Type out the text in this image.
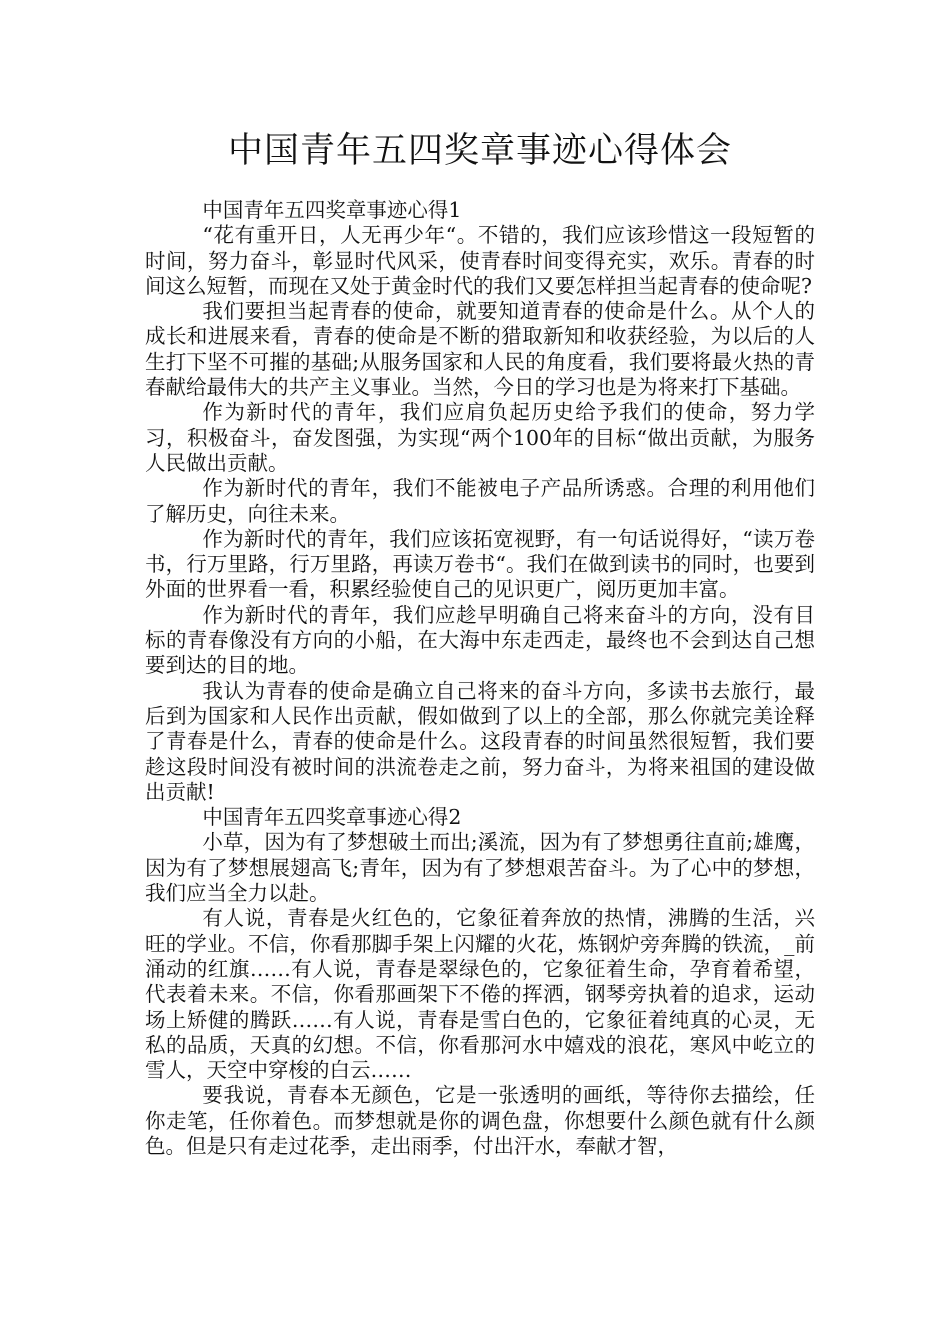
中国青年五四奖章事迹心得体会

中国青年五四奖章事迹心得1

“花有重开日，人无再少年“。不错的，我们应该珍惜这一段短暂的时间，努力奋斗，彰显时代风采，使青春时间变得充实，欢乐。青春的时间这么短暂，而现在又处于黄金时代的我们又要怎样担当起青春的使命呢?

我们要担当起青春的使命，就要知道青春的使命是什么。从个人的成长和进展来看，青春的使命是不断的猎取新知和收获经验，为以后的人生打下坚不可摧的基础;从服务国家和人民的角度看，我们要将最火热的青春献给最伟大的共产主义事业。当然，今日的学习也是为将来打下基础。

作为新时代的青年，我们应肩负起历史给予我们的使命，努力学习，积极奋斗，奋发图强，为实现“两个100年的目标“做出贡献，为服务人民做出贡献。

作为新时代的青年，我们不能被电子产品所诱惑。合理的利用他们了解历史，向往未来。

作为新时代的青年，我们应该拓宽视野，有一句话说得好，“读万卷书，行万里路，行万里路，再读万卷书“。我们在做到读书的同时，也要到外面的世界看一看，积累经验使自己的见识更广，阅历更加丰富。

作为新时代的青年，我们应趁早明确自己将来奋斗的方向，没有目标的青春像没有方向的小船，在大海中东走西走，最终也不会到达自己想要到达的目的地。

我认为青春的使命是确立自己将来的奋斗方向，多读书去旅行，最后到为国家和人民作出贡献，假如做到了以上的全部，那么你就完美诠释了青春是什么，青春的使命是什么。这段青春的时间虽然很短暂，我们要趁这段时间没有被时间的洪流卷走之前，努力奋斗，为将来祖国的建设做出贡献!

中国青年五四奖章事迹心得2

小草，因为有了梦想破土而出;溪流，因为有了梦想勇往直前;雄鹰，因为有了梦想展翅高飞;青年，因为有了梦想艰苦奋斗。为了心中的梦想，我们应当全力以赴。

有人说，青春是火红色的，它象征着奔放的热情，沸腾的生活，兴旺的学业。不信，你看那脚手架上闪耀的火花，炼钢炉旁奔腾的铁流，_前涌动的红旗……有人说，青春是翠绿色的，它象征着生命，孕育着希望，代表着未来。不信，你看那画架下不倦的挥洒，钢琴旁执着的追求，运动场上矫健的腾跃……有人说，青春是雪白色的，它象征着纯真的心灵，无私的品质，天真的幻想。不信，你看那河水中嬉戏的浪花，寒风中屹立的雪人，天空中穿梭的白云……

要我说，青春本无颜色，它是一张透明的画纸，等待你去描绘，任你走笔，任你着色。而梦想就是你的调色盘，你想要什么颜色就有什么颜色。但是只有走过花季，走出雨季，付出汗水，奉献才智，
